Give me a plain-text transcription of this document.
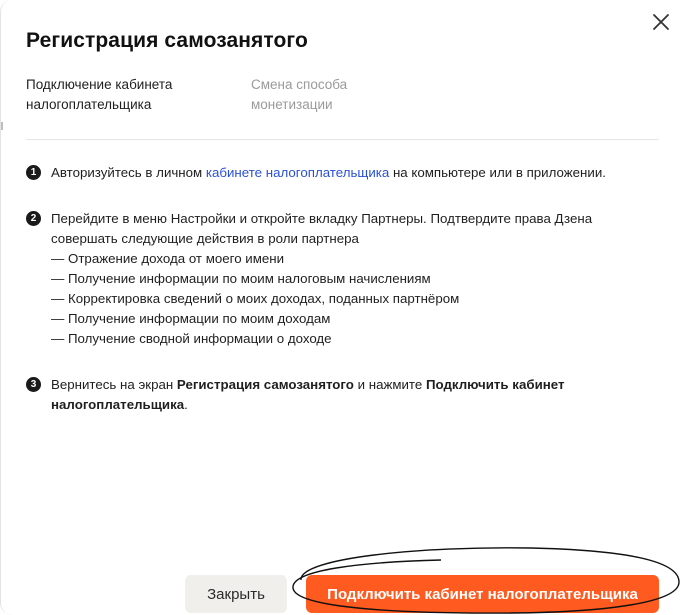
Регистрация самозанятого
Подключение кабинета
налогоплательщика
Смена способа
монетизации
1	Авторизуйтесь в личном кабинете налогоплательщика на компьютере или в приложении.
2	Перейдите в меню Настройки и откройте вкладку Партнеры. Подтвердите права Дзена совершать следующие действия в роли партнера
— Отражение дохода от моего имени
— Получение информации по моим налоговым начислениям
— Корректировка сведений о моих доходах, поданных партнёром
— Получение информации по моим доходам
— Получение сводной информации о доходе
3	Вернитесь на экран Регистрация самозанятого и нажмите Подключить кабинет налогоплательщика.
Закрыть	Подключить кабинет налогоплательщика
